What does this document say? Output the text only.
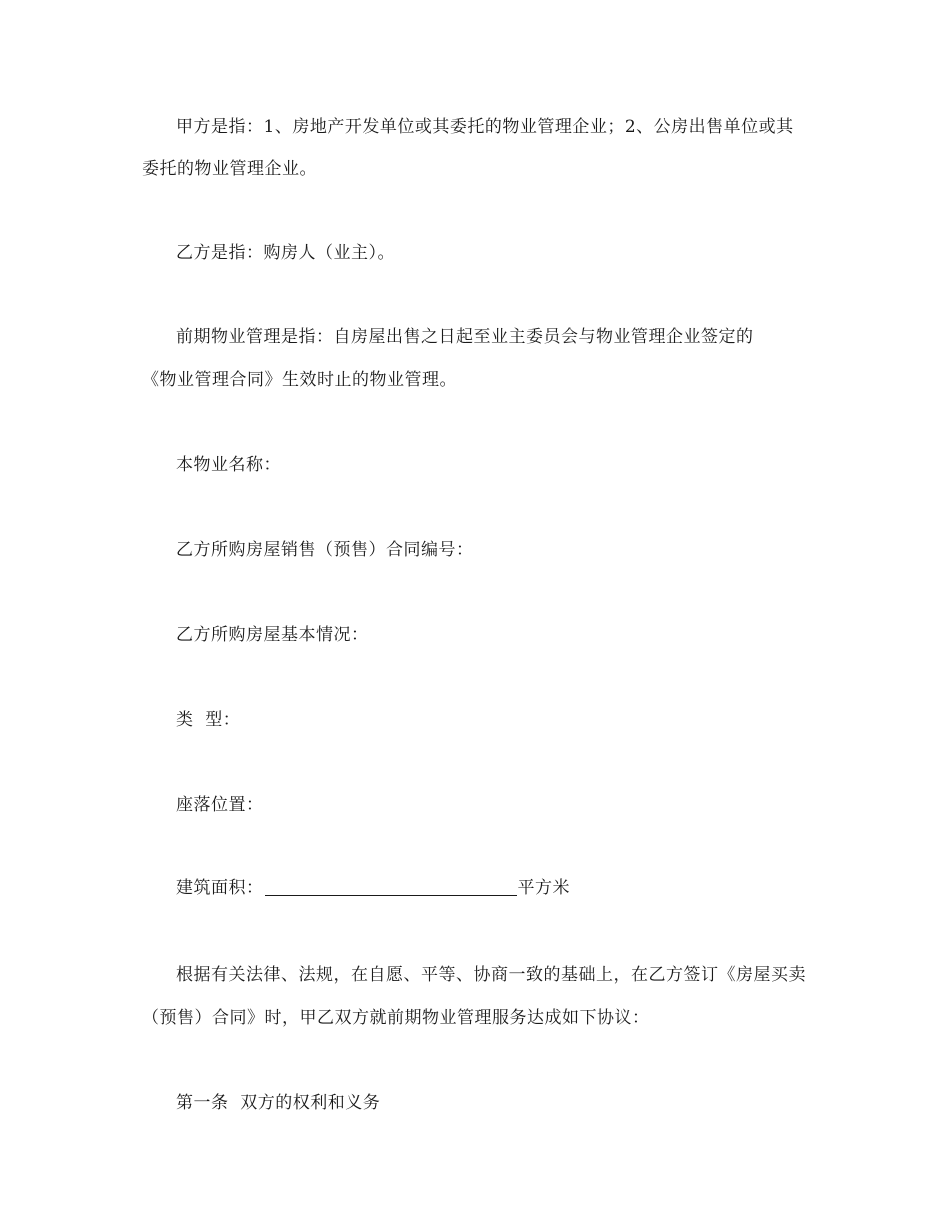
甲方是指：1、房地产开发单位或其委托的物业管理企业；2、公房出售单位或其
委托的物业管理企业。
乙方是指：购房人（业主）。
前期物业管理是指：自房屋出售之日起至业主委员会与物业管理企业签定的
《物业管理合同》生效时止的物业管理。
本物业名称：
乙方所购房屋销售（预售）合同编号：
乙方所购房屋基本情况：
类  型：
座落位置：
建筑面积：	平方米
根据有关法律、法规，在自愿、平等、协商一致的基础上，在乙方签订《房屋买卖
（预售）合同》时，甲乙双方就前期物业管理服务达成如下协议：
第一条  双方的权利和义务
